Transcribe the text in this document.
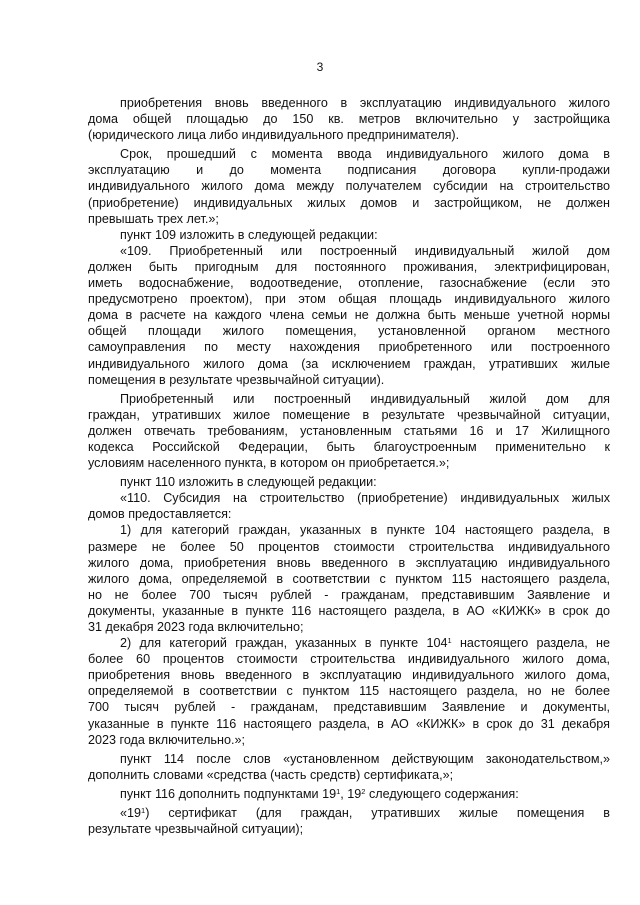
3
приобретения вновь введенного в эксплуатацию индивидуального жилого
дома общей площадью до 150 кв. метров включительно у застройщика
(юридического лица либо индивидуального предпринимателя).
Срок, прошедший с момента ввода индивидуального жилого дома в
эксплуатацию и до момента подписания договора купли-продажи
индивидуального жилого дома между получателем субсидии на строительство
(приобретение) индивидуальных жилых домов и застройщиком, не должен
превышать трех лет.»;
пункт 109 изложить в следующей редакции:
«109. Приобретенный или построенный индивидуальный жилой дом
должен быть пригодным для постоянного проживания, электрифицирован,
иметь водоснабжение, водоотведение, отопление, газоснабжение (если это
предусмотрено проектом), при этом общая площадь индивидуального жилого
дома в расчете на каждого члена семьи не должна быть меньше учетной нормы
общей площади жилого помещения, установленной органом местного
самоуправления по месту нахождения приобретенного или построенного
индивидуального жилого дома (за исключением граждан, утративших жилые
помещения в результате чрезвычайной ситуации).
Приобретенный или построенный индивидуальный жилой дом для
граждан, утративших жилое помещение в результате чрезвычайной ситуации,
должен отвечать требованиям, установленным статьями 16 и 17 Жилищного
кодекса Российской Федерации, быть благоустроенным применительно к
условиям населенного пункта, в котором он приобретается.»;
пункт 110 изложить в следующей редакции:
«110. Субсидия на строительство (приобретение) индивидуальных жилых
домов предоставляется:
1) для категорий граждан, указанных в пункте 104 настоящего раздела, в
размере не более 50 процентов стоимости строительства индивидуального
жилого дома, приобретения вновь введенного в эксплуатацию индивидуального
жилого дома, определяемой в соответствии с пунктом 115 настоящего раздела,
но не более 700 тысяч рублей - гражданам, представившим Заявление и
документы, указанные в пункте 116 настоящего раздела, в АО «КИЖК» в срок до
31 декабря 2023 года включительно;
2) для категорий граждан, указанных в пункте $104^1$ настоящего раздела, не
более 60 процентов стоимости строительства индивидуального жилого дома,
приобретения вновь введенного в эксплуатацию индивидуального жилого дома,
определяемой в соответствии с пунктом 115 настоящего раздела, но не более
700 тысяч рублей - гражданам, представившим Заявление и документы,
указанные в пункте 116 настоящего раздела, в АО «КИЖК» в срок до 31 декабря
2023 года включительно.»;
пункт 114 после слов «установленном действующим законодательством,»
дополнить словами «средства (часть средств) сертификата,»;
пункт 116 дополнить подпунктами $19^1$, $19^2$ следующего содержания:
«$19^1$) сертификат (для граждан, утративших жилые помещения в
результате чрезвычайной ситуации);
